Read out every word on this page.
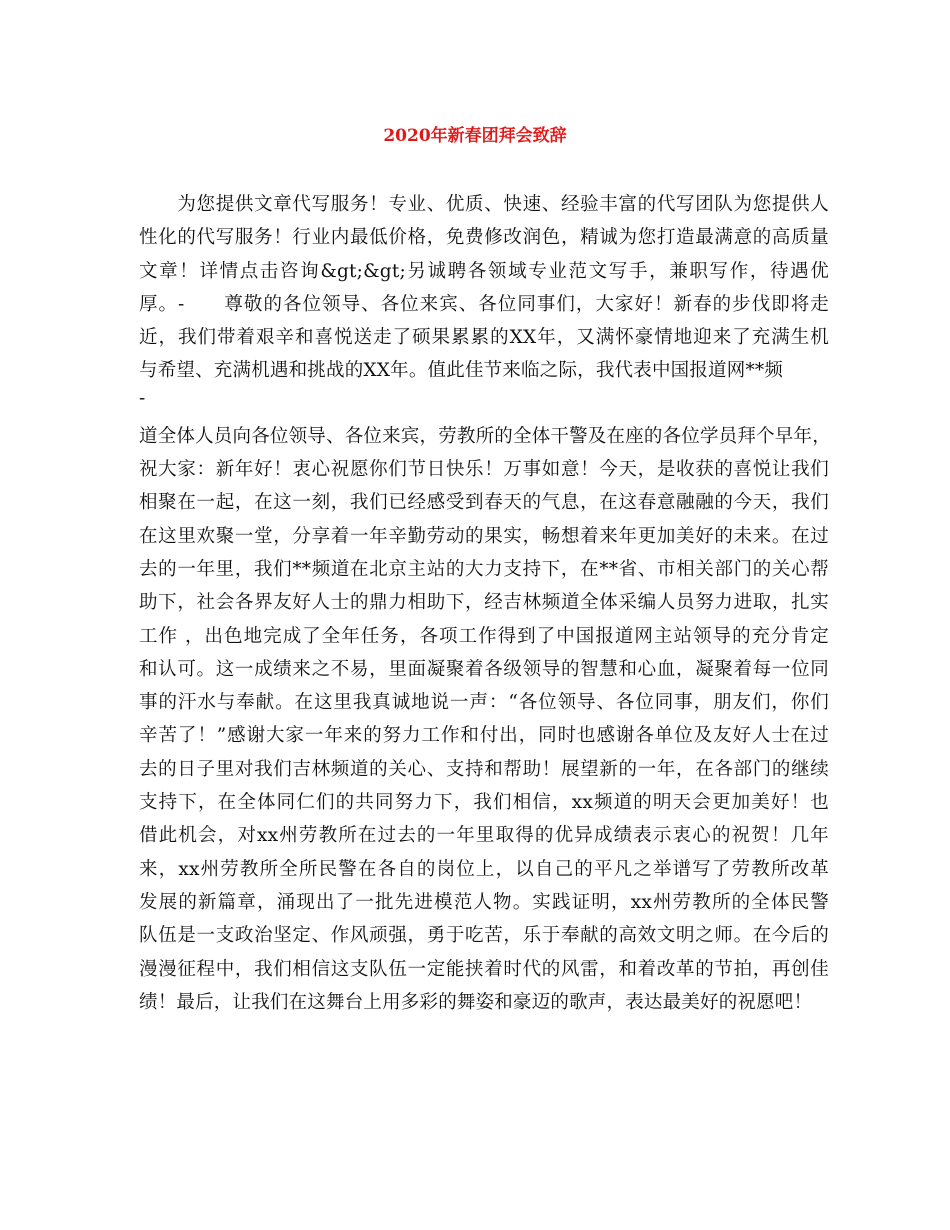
2020年新春团拜会致辞
　　为您提供文章代写服务！专业、优质、快速、经验丰富的代写团队为您提供人
性化的代写服务！行业内最低价格，免费修改润色，精诚为您打造最满意的高质量
文章！详情点击咨询&gt;&gt;另诚聘各领域专业范文写手，兼职写作，待遇优
厚。-　　尊敬的各位领导、各位来宾、各位同事们，大家好！新春的步伐即将走
近，我们带着艰辛和喜悦送走了硕果累累的XX年，又满怀豪情地迎来了充满生机
与希望、充满机遇和挑战的XX年。值此佳节来临之际，我代表中国报道网**频
-
道全体人员向各位领导、各位来宾，劳教所的全体干警及在座的各位学员拜个早年，
祝大家：新年好！衷心祝愿你们节日快乐！万事如意！今天，是收获的喜悦让我们
相聚在一起，在这一刻，我们已经感受到春天的气息，在这春意融融的今天，我们
在这里欢聚一堂，分享着一年辛勤劳动的果实，畅想着来年更加美好的未来。在过
去的一年里，我们**频道在北京主站的大力支持下，在**省、市相关部门的关心帮
助下，社会各界友好人士的鼎力相助下，经吉林频道全体采编人员努力进取，扎实
工作 ，出色地完成了全年任务，各项工作得到了中国报道网主站领导的充分肯定
和认可。这一成绩来之不易，里面凝聚着各级领导的智慧和心血，凝聚着每一位同
事的汗水与奉献。在这里我真诚地说一声：“各位领导、各位同事，朋友们，你们
辛苦了！”感谢大家一年来的努力工作和付出，同时也感谢各单位及友好人士在过
去的日子里对我们吉林频道的关心、支持和帮助！展望新的一年，在各部门的继续
支持下，在全体同仁们的共同努力下，我们相信，xx频道的明天会更加美好！也
借此机会，对xx州劳教所在过去的一年里取得的优异成绩表示衷心的祝贺！几年
来，xx州劳教所全所民警在各自的岗位上，以自己的平凡之举谱写了劳教所改革
发展的新篇章，涌现出了一批先进模范人物。实践证明，xx州劳教所的全体民警
队伍是一支政治坚定、作风顽强，勇于吃苦，乐于奉献的高效文明之师。在今后的
漫漫征程中，我们相信这支队伍一定能挟着时代的风雷，和着改革的节拍，再创佳
绩！最后，让我们在这舞台上用多彩的舞姿和豪迈的歌声，表达最美好的祝愿吧！
